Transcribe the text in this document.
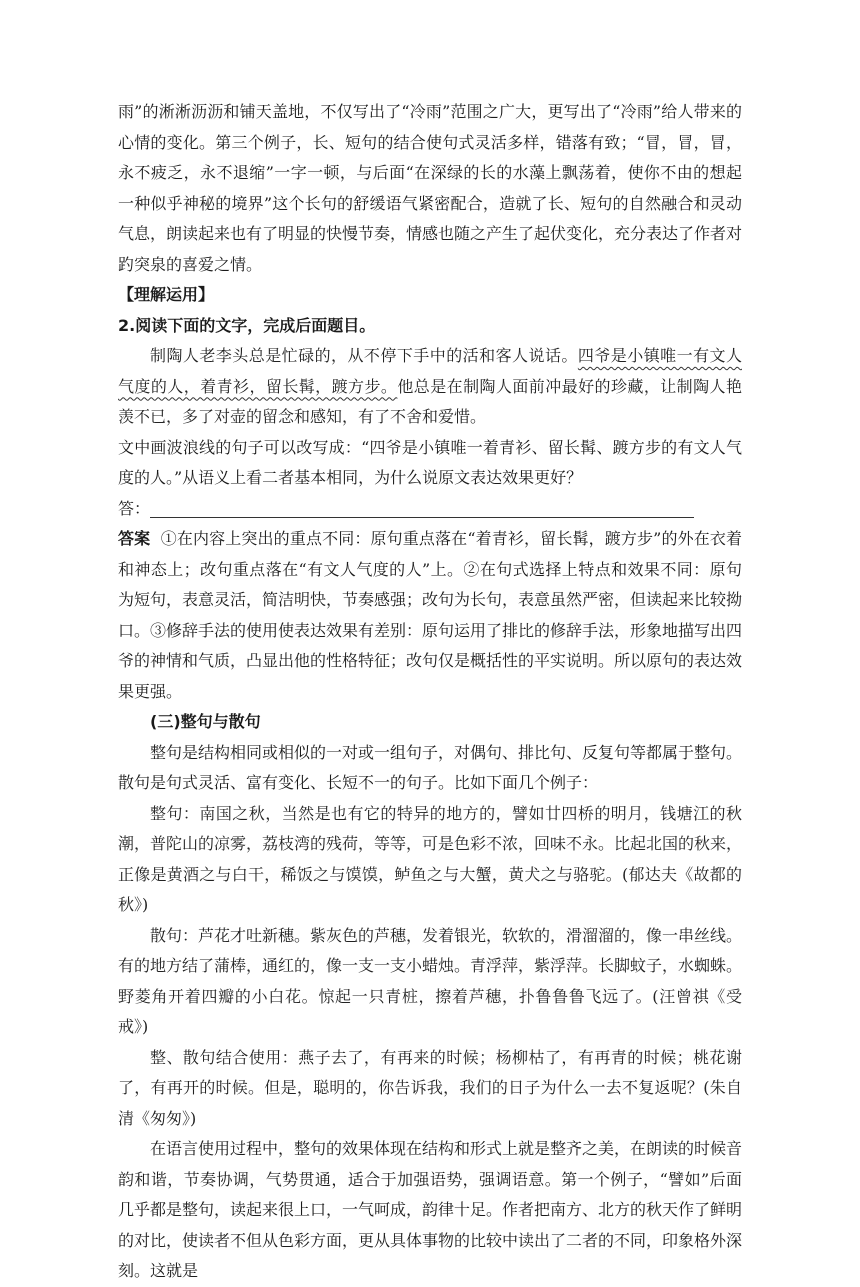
雨”的淅淅沥沥和铺天盖地，不仅写出了“冷雨”范围之广大，更写出了“冷雨”给人带来的心情的变化。第三个例子，长、短句的结合使句式灵活多样，错落有致；“冒，冒，冒，永不疲乏，永不退缩”一字一顿，与后面“在深绿的长的水藻上飘荡着，使你不由的想起一种似乎神秘的境界”这个长句的舒缓语气紧密配合，造就了长、短句的自然融合和灵动气息，朗读起来也有了明显的快慢节奏，情感也随之产生了起伏变化，充分表达了作者对趵突泉的喜爱之情。

【理解运用】

2.阅读下面的文字，完成后面题目。

制陶人老李头总是忙碌的，从不停下手中的活和客人说话。四爷是小镇唯一有文人气度的人，着青衫，留长髯，踱方步。他总是在制陶人面前冲最好的珍藏，让制陶人艳羡不已，多了对壶的留念和感知，有了不舍和爱惜。

文中画波浪线的句子可以改写成：“四爷是小镇唯一着青衫、留长髯、踱方步的有文人气度的人。”从语义上看二者基本相同，为什么说原文表达效果更好？

答：

答案 ①在内容上突出的重点不同：原句重点落在“着青衫，留长髯，踱方步”的外在衣着和神态上；改句重点落在“有文人气度的人”上。②在句式选择上特点和效果不同：原句为短句，表意灵活，简洁明快，节奏感强；改句为长句，表意虽然严密，但读起来比较拗口。③修辞手法的使用使表达效果有差别：原句运用了排比的修辞手法，形象地描写出四爷的神情和气质，凸显出他的性格特征；改句仅是概括性的平实说明。所以原句的表达效果更强。

(三)整句与散句

整句是结构相同或相似的一对或一组句子，对偶句、排比句、反复句等都属于整句。散句是句式灵活、富有变化、长短不一的句子。比如下面几个例子：

整句：南国之秋，当然是也有它的特异的地方的，譬如廿四桥的明月，钱塘江的秋潮，普陀山的凉雾，荔枝湾的残荷，等等，可是色彩不浓，回味不永。比起北国的秋来，正像是黄酒之与白干，稀饭之与馍馍，鲈鱼之与大蟹，黄犬之与骆驼。(郁达夫《故都的秋》)

散句：芦花才吐新穗。紫灰色的芦穗，发着银光，软软的，滑溜溜的，像一串丝线。有的地方结了蒲棒，通红的，像一支一支小蜡烛。青浮萍，紫浮萍。长脚蚊子，水蜘蛛。野菱角开着四瓣的小白花。惊起一只青桩，擦着芦穗，扑鲁鲁鲁飞远了。(汪曾祺《受戒》)

整、散句结合使用：燕子去了，有再来的时候；杨柳枯了，有再青的时候；桃花谢了，有再开的时候。但是，聪明的，你告诉我，我们的日子为什么一去不复返呢？(朱自清《匆匆》)

在语言使用过程中，整句的效果体现在结构和形式上就是整齐之美，在朗读的时候音韵和谐，节奏协调，气势贯通，适合于加强语势，强调语意。第一个例子，“譬如”后面几乎都是整句，读起来很上口，一气呵成，韵律十足。作者把南方、北方的秋天作了鲜明的对比，使读者不但从色彩方面，更从具体事物的比较中读出了二者的不同，印象格外深刻。这就是
